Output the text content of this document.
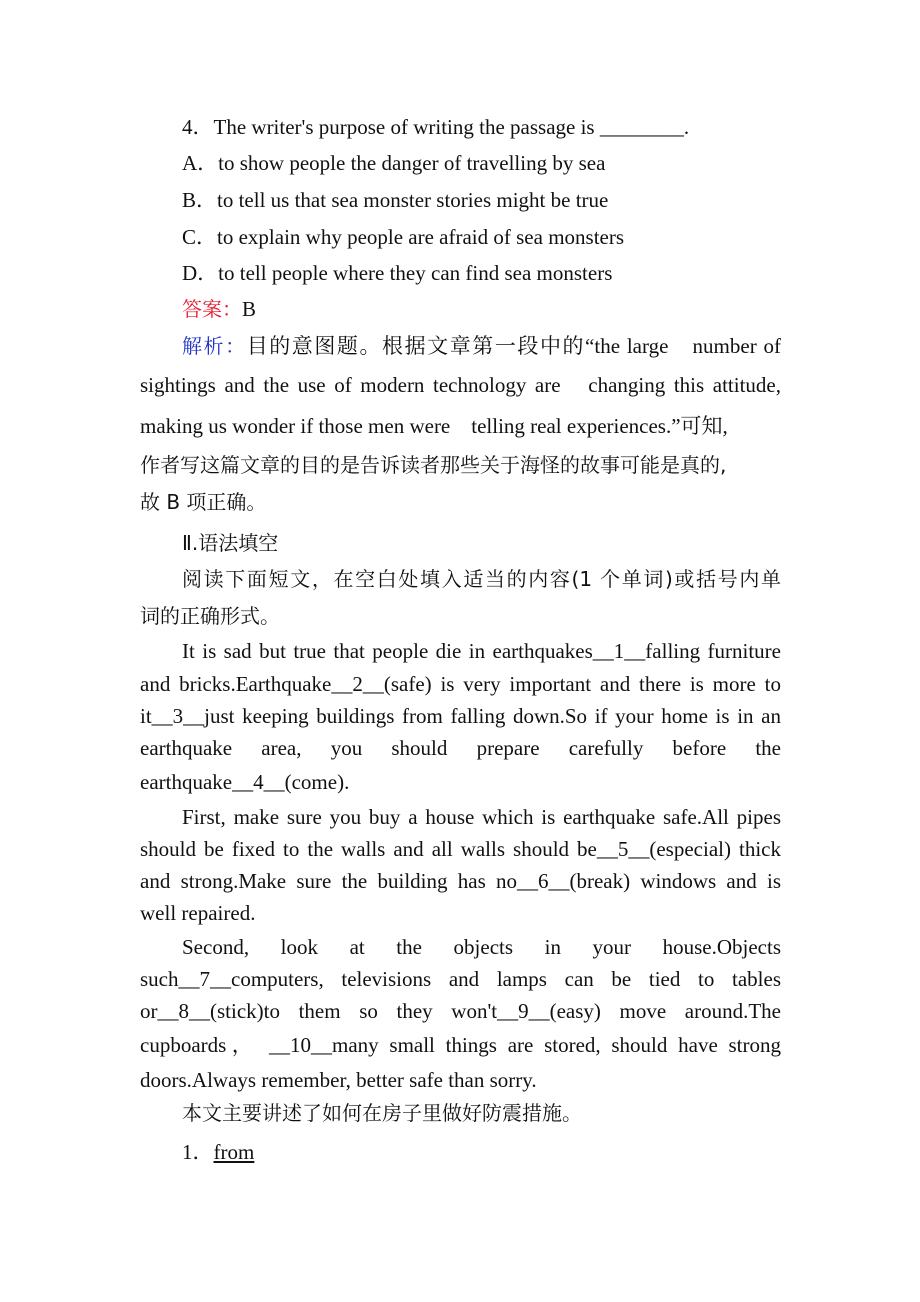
4．The writer's purpose of writing the passage is ________.
A．to show people the danger of travelling by sea
B．to tell us that sea monster stories might be true
C．to explain why people are afraid of sea monsters
D．to tell people where they can find sea monsters
答案：B
解析：目的意图题。根据文章第一段中的“the large　number of
sightings and the use of modern technology are　changing this attitude,
making us wonder if those men were　telling real experiences.”可知,
作者写这篇文章的目的是告诉读者那些关于海怪的故事可能是真的,
故 B 项正确。
Ⅱ.语法填空
阅读下面短文，在空白处填入适当的内容(1 个单词)或括号内单
词的正确形式。
It is sad but true that people die in earthquakes__1__falling furniture
and bricks.Earthquake__2__(safe) is very important and there is more to
it__3__just keeping buildings from falling down.So if your home is in an
earthquake area, you should prepare carefully before the
earthquake__4__(come).
First, make sure you buy a house which is earthquake safe.All pipes
should be fixed to the walls and all walls should be__5__(especial) thick
and strong.Make sure the building has no__6__(break) windows and is
well repaired.
Second, look at the objects in your house.Objects
such__7__computers, televisions and lamps can be tied to tables
or__8__(stick)to them so they won't__9__(easy) move around.The
cupboards， __10__many small things are stored, should have strong
doors.Always remember, better safe than sorry.
本文主要讲述了如何在房子里做好防震措施。
1．from
